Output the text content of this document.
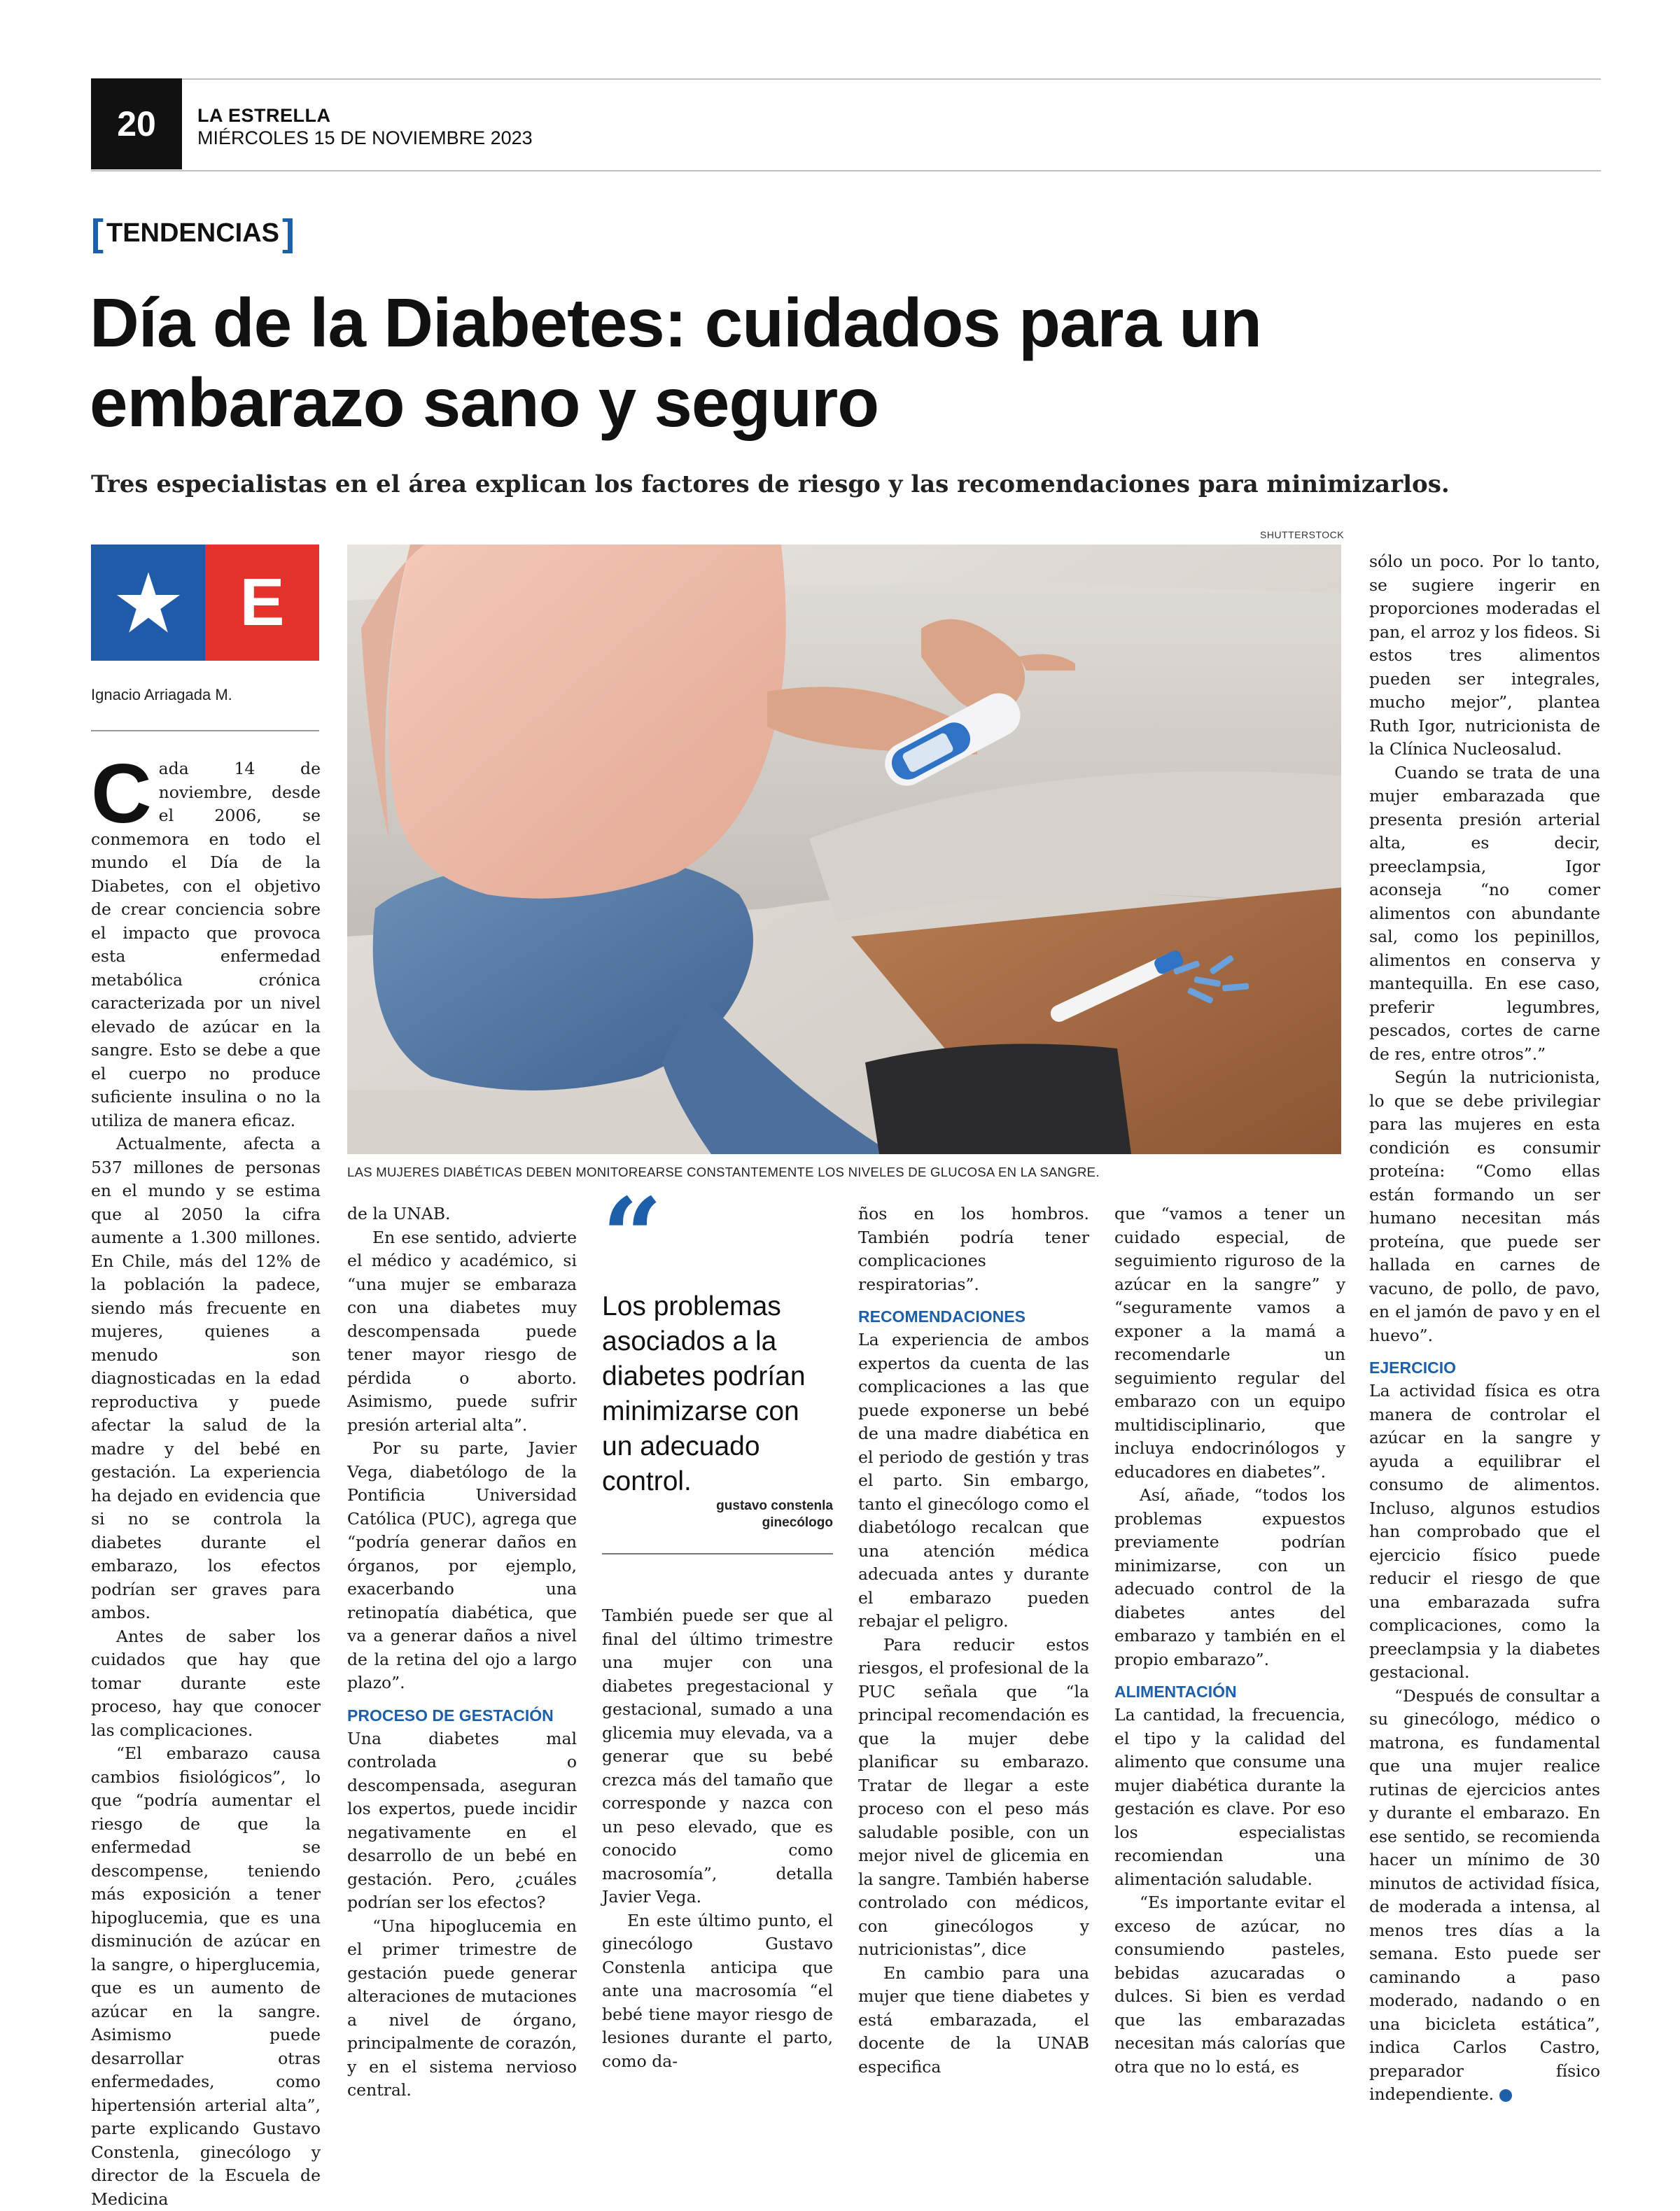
20	LA ESTRELLA
MIÉRCOLES 15 DE NOVIEMBRE 2023
[ TENDENCIAS ]
Día de la Diabetes: cuidados para un embarazo sano y seguro
Tres especialistas en el área explican los factores de riesgo y las recomendaciones para minimizarlos.
E
Ignacio Arriagada M.
SHUTTERSTOCK
LAS MUJERES DIABÉTICAS DEBEN MONITOREARSE CONSTANTEMENTE LOS NIVELES DE GLUCOSA EN LA SANGRE.
C ada 14 de noviembre, desde el 2006, se conmemora en todo el mundo el Día de la Diabetes, con el objetivo de crear conciencia sobre el impacto que provoca esta enfermedad metabólica crónica caracterizada por un nivel elevado de azúcar en la sangre. Esto se debe a que el cuerpo no produce suficiente insulina o no la utiliza de manera eficaz.

Actualmente, afecta a 537 millones de personas en el mundo y se estima que al 2050 la cifra aumente a 1.300 millones. En Chile, más del 12% de la población la padece, siendo más frecuente en mujeres, quienes a menudo son diagnosticadas en la edad reproductiva y puede afectar la salud de la madre y del bebé en gestación. La experiencia ha dejado en evidencia que si no se controla la diabetes durante el embarazo, los efectos podrían ser graves para ambos.

Antes de saber los cuidados que hay que tomar durante este proceso, hay que conocer las complicaciones.

“El embarazo causa cambios fisiológicos”, lo que “podría aumentar el riesgo de que la enfermedad se descompense, teniendo más exposición a tener hipoglucemia, que es una disminución de azúcar en la sangre, o hiperglucemia, que es un aumento de azúcar en la sangre. Asimismo puede desarrollar otras enfermedades, como hipertensión arterial alta”, parte explicando Gustavo Constenla, ginecólogo y director de la Escuela de Medicina

de la UNAB.

En ese sentido, advierte el médico y académico, si “una mujer se embaraza con una diabetes muy descompensada puede tener mayor riesgo de pérdida o aborto. Asimismo, puede sufrir presión arterial alta”.

Por su parte, Javier Vega, diabetólogo de la Pontificia Universidad Católica (PUC), agrega que “podría generar daños en órganos, por ejemplo, exacerbando una retinopatía diabética, que va a generar daños a nivel de la retina del ojo a largo plazo”.

PROCESO DE GESTACIÓN

Una diabetes mal controlada o descompensada, aseguran los expertos, puede incidir negativamente en el desarrollo de un bebé en gestación. Pero, ¿cuáles podrían ser los efectos?

“Una hipoglucemia en el primer trimestre de gestación puede generar alteraciones de mutaciones a nivel de órgano, principalmente de corazón, y en el sistema nervioso central.

“
Los problemas asociados a la diabetes podrían minimizarse con un adecuado control.
gustavo constenla
ginecólogo

También puede ser que al final del último trimestre una mujer con una diabetes pregestacional y gestacional, sumado a una glicemia muy elevada, va a generar que su bebé crezca más del tamaño que corresponde y nazca con un peso elevado, que es conocido como macrosomía”, detalla Javier Vega.

En este último punto, el ginecólogo Gustavo Constenla anticipa que ante una macrosomía “el bebé tiene mayor riesgo de lesiones durante el parto, como da-

ños en los hombros. También podría tener complicaciones respiratorias”.

RECOMENDACIONES

La experiencia de ambos expertos da cuenta de las complicaciones a las que puede exponerse un bebé de una madre diabética en el periodo de gestión y tras el parto. Sin embargo, tanto el ginecólogo como el diabetólogo recalcan que una atención médica adecuada antes y durante el embarazo pueden rebajar el peligro.

Para reducir estos riesgos, el profesional de la PUC señala que “la principal recomendación es que la mujer debe planificar su embarazo. Tratar de llegar a este proceso con el peso más saludable posible, con un mejor nivel de glicemia en la sangre. También haberse controlado con médicos, con ginecólogos y nutricionistas”, dice

En cambio para una mujer que tiene diabetes y está embarazada, el docente de la UNAB especifica

que “vamos a tener un cuidado especial, de seguimiento riguroso de la azúcar en la sangre” y “seguramente vamos a exponer a la mamá a recomendarle un seguimiento regular del embarazo con un equipo multidisciplinario, que incluya endocrinólogos y educadores en diabetes”.

Así, añade, “todos los problemas expuestos previamente podrían minimizarse, con un adecuado control de la diabetes antes del embarazo y también en el propio embarazo”.

ALIMENTACIÓN

La cantidad, la frecuencia, el tipo y la calidad del alimento que consume una mujer diabética durante la gestación es clave. Por eso los especialistas recomiendan una alimentación saludable.

“Es importante evitar el exceso de azúcar, no consumiendo pasteles, bebidas azucaradas o dulces. Si bien es verdad que las embarazadas necesitan más calorías que otra que no lo está, es

sólo un poco. Por lo tanto, se sugiere ingerir en proporciones moderadas el pan, el arroz y los fideos. Si estos tres alimentos pueden ser integrales, mucho mejor”, plantea Ruth Igor, nutricionista de la Clínica Nucleosalud.

Cuando se trata de una mujer embarazada que presenta presión arterial alta, es decir, preeclampsia, Igor aconseja “no comer alimentos con abundante sal, como los pepinillos, alimentos en conserva y mantequilla. En ese caso, preferir legumbres, pescados, cortes de carne de res, entre otros”.”

Según la nutricionista, lo que se debe privilegiar para las mujeres en esta condición es consumir proteína: “Como ellas están formando un ser humano necesitan más proteína, que puede ser hallada en carnes de vacuno, de pollo, de pavo, en el jamón de pavo y en el huevo”.

EJERCICIO

La actividad física es otra manera de controlar el azúcar en la sangre y ayuda a equilibrar el consumo de alimentos. Incluso, algunos estudios han comprobado que el ejercicio físico puede reducir el riesgo de que una embarazada sufra complicaciones, como la preeclampsia y la diabetes gestacional.

“Después de consultar a su ginecólogo, médico o matrona, es fundamental que una mujer realice rutinas de ejercicios antes y durante el embarazo. En ese sentido, se recomienda hacer un mínimo de 30 minutos de actividad física, de moderada a intensa, al menos tres días a la semana. Esto puede ser caminando a paso moderado, nadando o en una bicicleta estática”, indica Carlos Castro, preparador físico independiente.	✪
